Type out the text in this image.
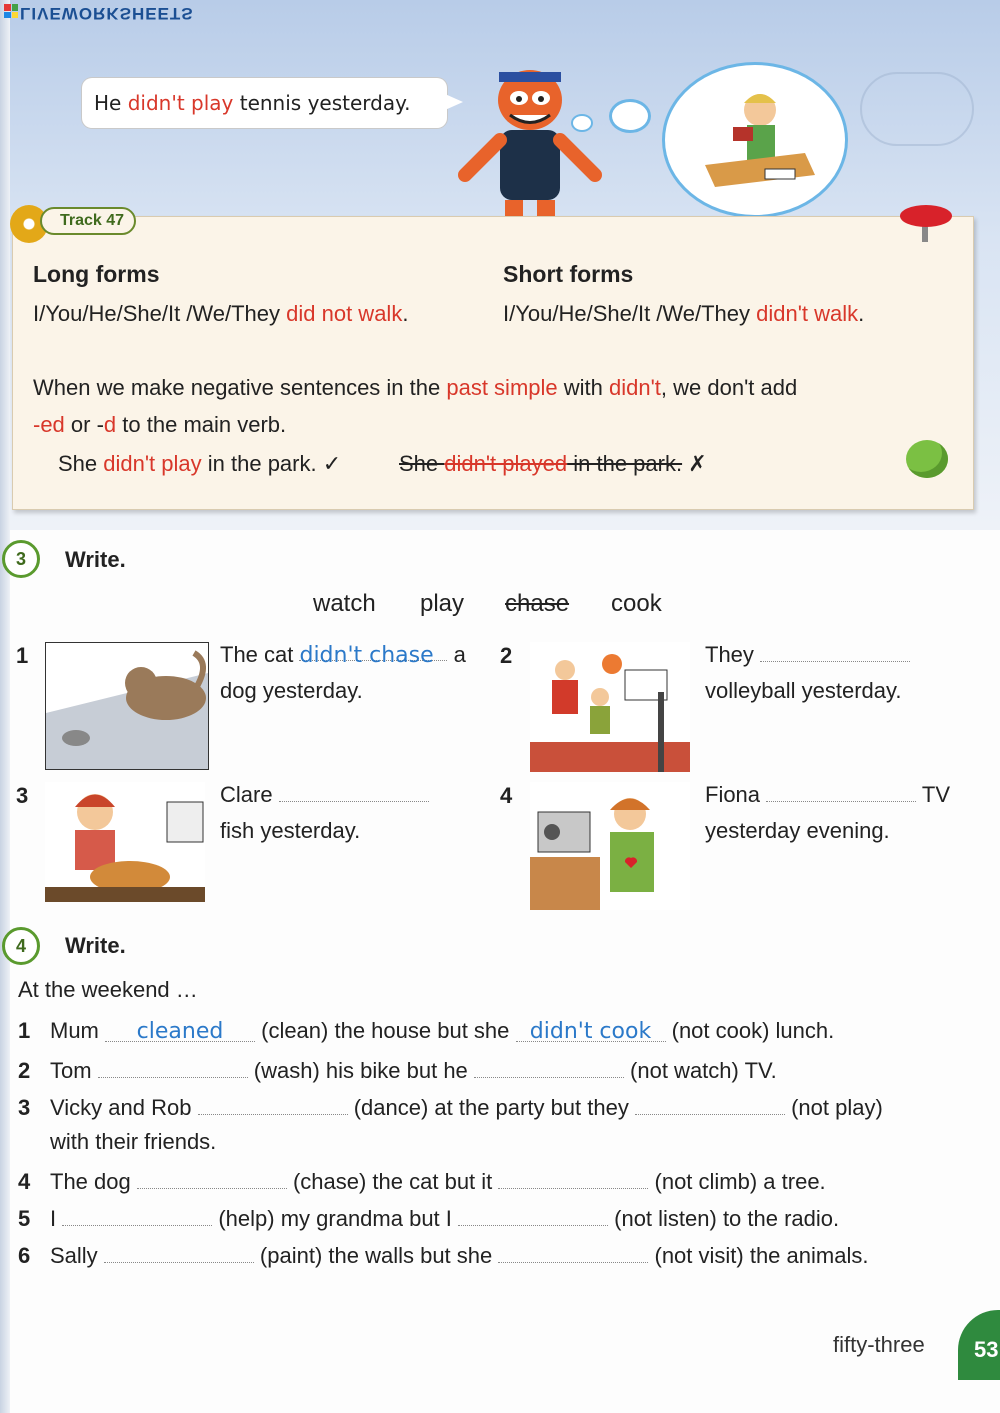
LIVEWORKSHEETS
He didn't play tennis yesterday.
Long forms
I/You/He/She/It /We/They did not walk.
Short forms
I/You/He/She/It /We/They didn't walk.
When we make negative sentences in the past simple with didn't, we don't add
-ed or -d to the main verb.
She didn't play in the park. ✓	She didn't played in the park. ✗
Track 47
3	Write.
watch play chase cook
1	The cat didn't chase a
dog yesterday.
2	They
volleyball yesterday.
3	Clare
fish yesterday.
4	Fiona	TV
yesterday evening.
4	Write.
At the weekend …
1 Mum cleaned (clean) the house but she didn't cook (not cook) lunch.
2 Tom	(wash) his bike but he	(not watch) TV.
3 Vicky and Rob	(dance) at the party but they	(not play)
with their friends.
4 The dog	(chase) the cat but it	(not climb) a tree.
5 I	(help) my grandma but I	(not listen) to the radio.
6 Sally	(paint) the walls but she	(not visit) the animals.
fifty-three	53
